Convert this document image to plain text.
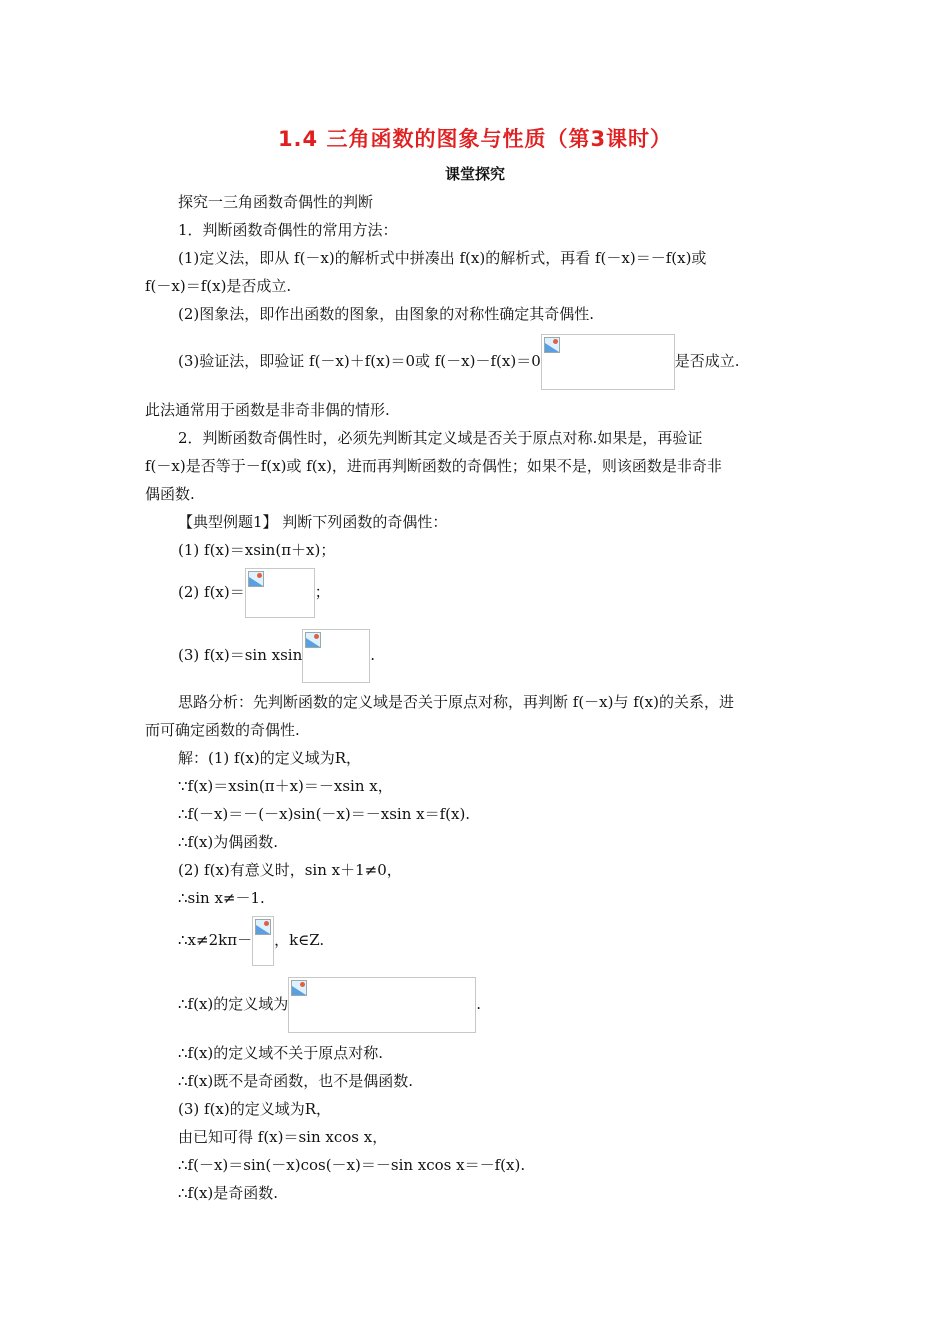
1.4 三角函数的图象与性质（第3课时）
课堂探究
探究一三角函数奇偶性的判断
1．判断函数奇偶性的常用方法：
(1)定义法，即从 f(－x)的解析式中拼凑出 f(x)的解析式，再看 f(－x)＝－f(x)或
f(－x)＝f(x)是否成立.
(2)图象法，即作出函数的图象，由图象的对称性确定其奇偶性.
(3)验证法，即验证 f(－x)＋f(x)＝0或 f(－x)－f(x)＝0	是否成立.
此法通常用于函数是非奇非偶的情形.
2．判断函数奇偶性时，必须先判断其定义域是否关于原点对称.如果是，再验证
f(－x)是否等于－f(x)或 f(x)，进而再判断函数的奇偶性；如果不是，则该函数是非奇非
偶函数.
【典型例题1】 判断下列函数的奇偶性：
(1) f(x)＝xsin(π＋x)；
(2) f(x)＝	；
(3) f(x)＝sin xsin	.
思路分析：先判断函数的定义域是否关于原点对称，再判断 f(－x)与 f(x)的关系，进
而可确定函数的奇偶性.
解：(1) f(x)的定义域为R，
∵f(x)＝xsin(π＋x)＝－xsin x，
∴f(－x)＝－(－x)sin(－x)＝－xsin x＝f(x).
∴f(x)为偶函数.
(2) f(x)有意义时，sin x＋1≠0，
∴sin x≠－1.
∴x≠2kπ－ ，k∈Z.
∴f(x)的定义域为	.
∴f(x)的定义域不关于原点对称.
∴f(x)既不是奇函数，也不是偶函数.
(3) f(x)的定义域为R，
由已知可得 f(x)＝sin xcos x，
∴f(－x)＝sin(－x)cos(－x)＝－sin xcos x＝－f(x).
∴f(x)是奇函数.
